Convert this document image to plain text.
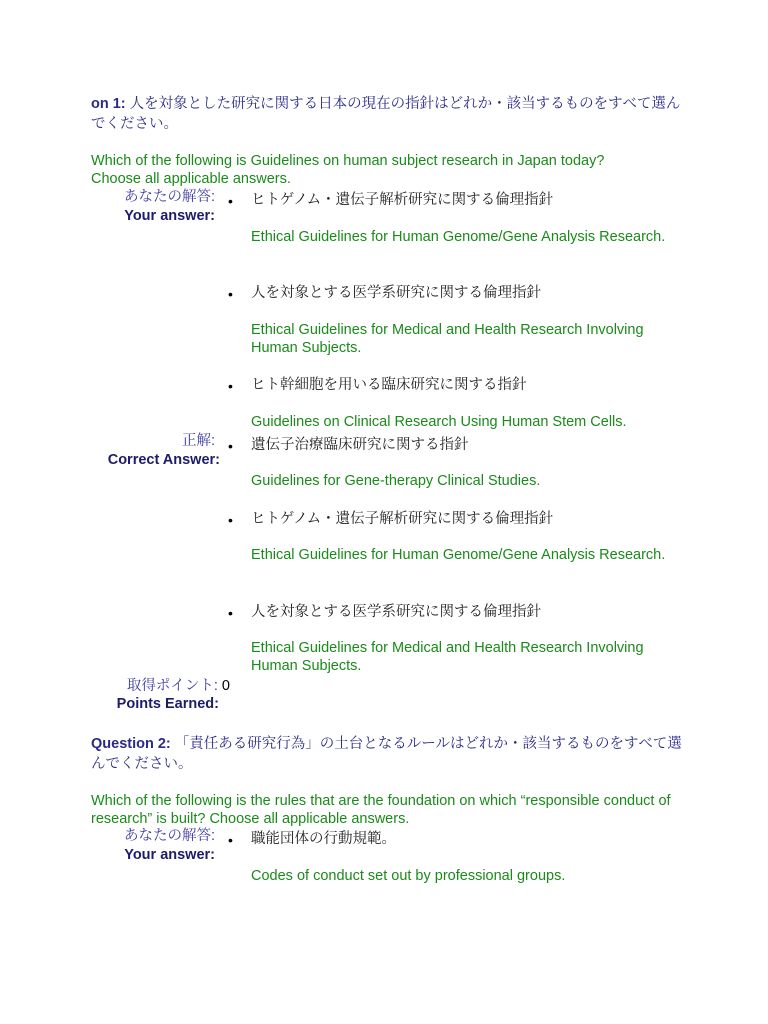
on 1: 人を対象とした研究に関する日本の現在の指針はどれか・該当するものをすべて選んでください。
Which of the following is Guidelines on human subject research in Japan today? Choose all applicable answers.
あなたの解答:
Your answer:
• ヒトゲノム・遺伝子解析研究に関する倫理指針
Ethical Guidelines for Human Genome/Gene Analysis Research.
• 人を対象とする医学系研究に関する倫理指針
Ethical Guidelines for Medical and Health Research Involving Human Subjects.
• ヒト幹細胞を用いる臨床研究に関する指針
Guidelines on Clinical Research Using Human Stem Cells.
正解:
Correct Answer:
• 遺伝子治療臨床研究に関する指針
Guidelines for Gene-therapy Clinical Studies.
• ヒトゲノム・遺伝子解析研究に関する倫理指針
Ethical Guidelines for Human Genome/Gene Analysis Research.
• 人を対象とする医学系研究に関する倫理指針
Ethical Guidelines for Medical and Health Research Involving Human Subjects.
取得ポイント: 0
Points Earned:
Question 2: 「責任ある研究行為」の土台となるルールはどれか・該当するものをすべて選んでください。
Which of the following is the rules that are the foundation on which “responsible conduct of research” is built? Choose all applicable answers.
あなたの解答:
Your answer:
• 職能団体の行動規範。
Codes of conduct set out by professional groups.
